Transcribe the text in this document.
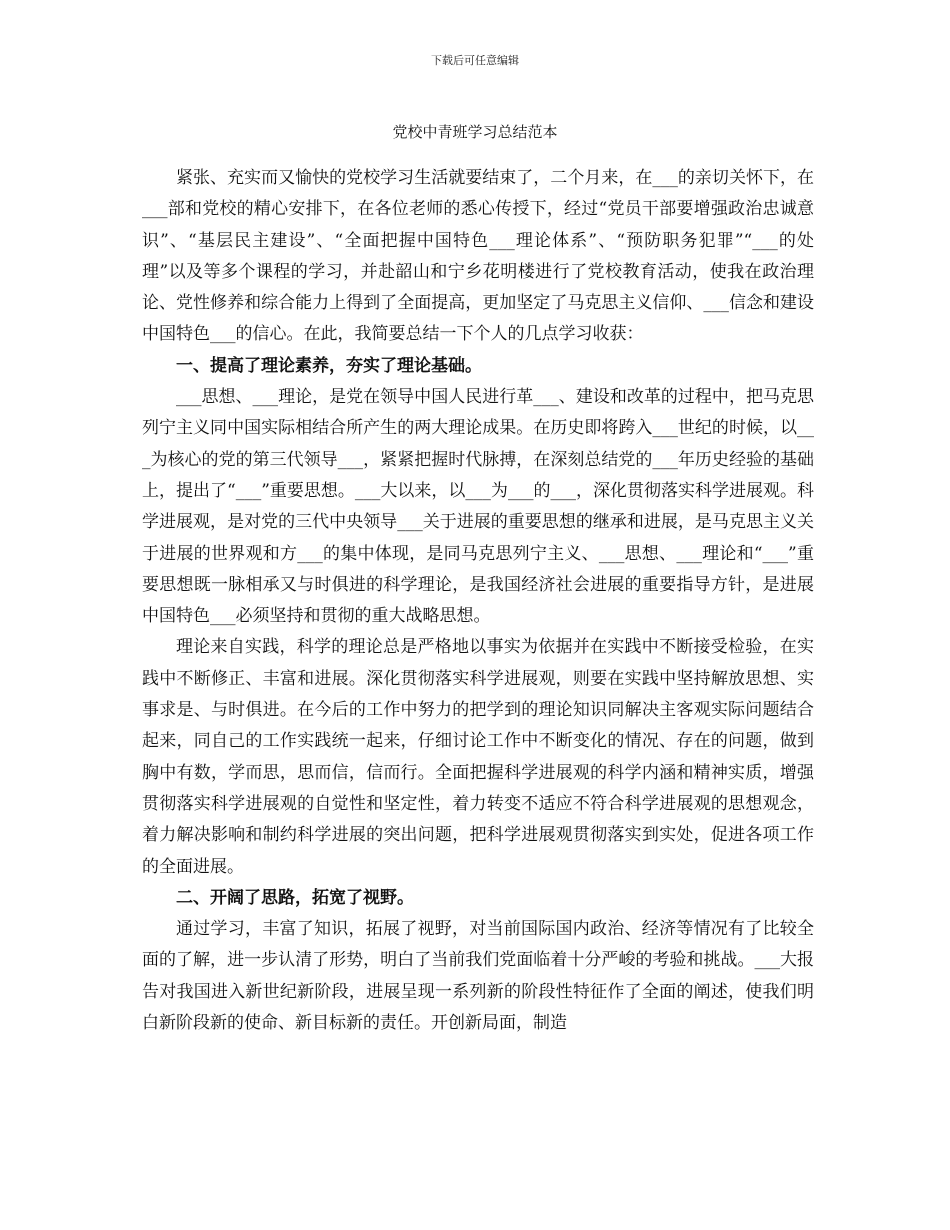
下载后可任意编辑
党校中青班学习总结范本

紧张、充实而又愉快的党校学习生活就要结束了，二个月来，在___的亲切关怀下，在___部和党校的精心安排下，在各位老师的悉心传授下，经过“党员干部要增强政治忠诚意识”、“基层民主建设”、“全面把握中国特色___理论体系”、“预防职务犯罪”“___的处理”以及等多个课程的学习，并赴韶山和宁乡花明楼进行了党校教育活动，使我在政治理论、党性修养和综合能力上得到了全面提高，更加坚定了马克思主义信仰、___信念和建设中国特色___的信心。在此，我简要总结一下个人的几点学习收获：

一、提高了理论素养，夯实了理论基础。

___思想、___理论，是党在领导中国人民进行革___、建设和改革的过程中，把马克思列宁主义同中国实际相结合所产生的两大理论成果。在历史即将跨入___世纪的时候，以___为核心的党的第三代领导___，紧紧把握时代脉搏，在深刻总结党的___年历史经验的基础上，提出了“___”重要思想。___大以来，以___为___的___，深化贯彻落实科学进展观。科学进展观，是对党的三代中央领导___关于进展的重要思想的继承和进展，是马克思主义关于进展的世界观和方___的集中体现，是同马克思列宁主义、___思想、___理论和“___”重要思想既一脉相承又与时俱进的科学理论，是我国经济社会进展的重要指导方针，是进展中国特色___必须坚持和贯彻的重大战略思想。

理论来自实践，科学的理论总是严格地以事实为依据并在实践中不断接受检验，在实践中不断修正、丰富和进展。深化贯彻落实科学进展观，则要在实践中坚持解放思想、实事求是、与时俱进。在今后的工作中努力的把学到的理论知识同解决主客观实际问题结合起来，同自己的工作实践统一起来，仔细讨论工作中不断变化的情况、存在的问题，做到胸中有数，学而思，思而信，信而行。全面把握科学进展观的科学内涵和精神实质，增强贯彻落实科学进展观的自觉性和坚定性，着力转变不适应不符合科学进展观的思想观念，着力解决影响和制约科学进展的突出问题，把科学进展观贯彻落实到实处，促进各项工作的全面进展。

二、开阔了思路，拓宽了视野。

通过学习，丰富了知识，拓展了视野，对当前国际国内政治、经济等情况有了比较全面的了解，进一步认清了形势，明白了当前我们党面临着十分严峻的考验和挑战。___大报告对我国进入新世纪新阶段，进展呈现一系列新的阶段性特征作了全面的阐述，使我们明白新阶段新的使命、新目标新的责任。开创新局面，制造
